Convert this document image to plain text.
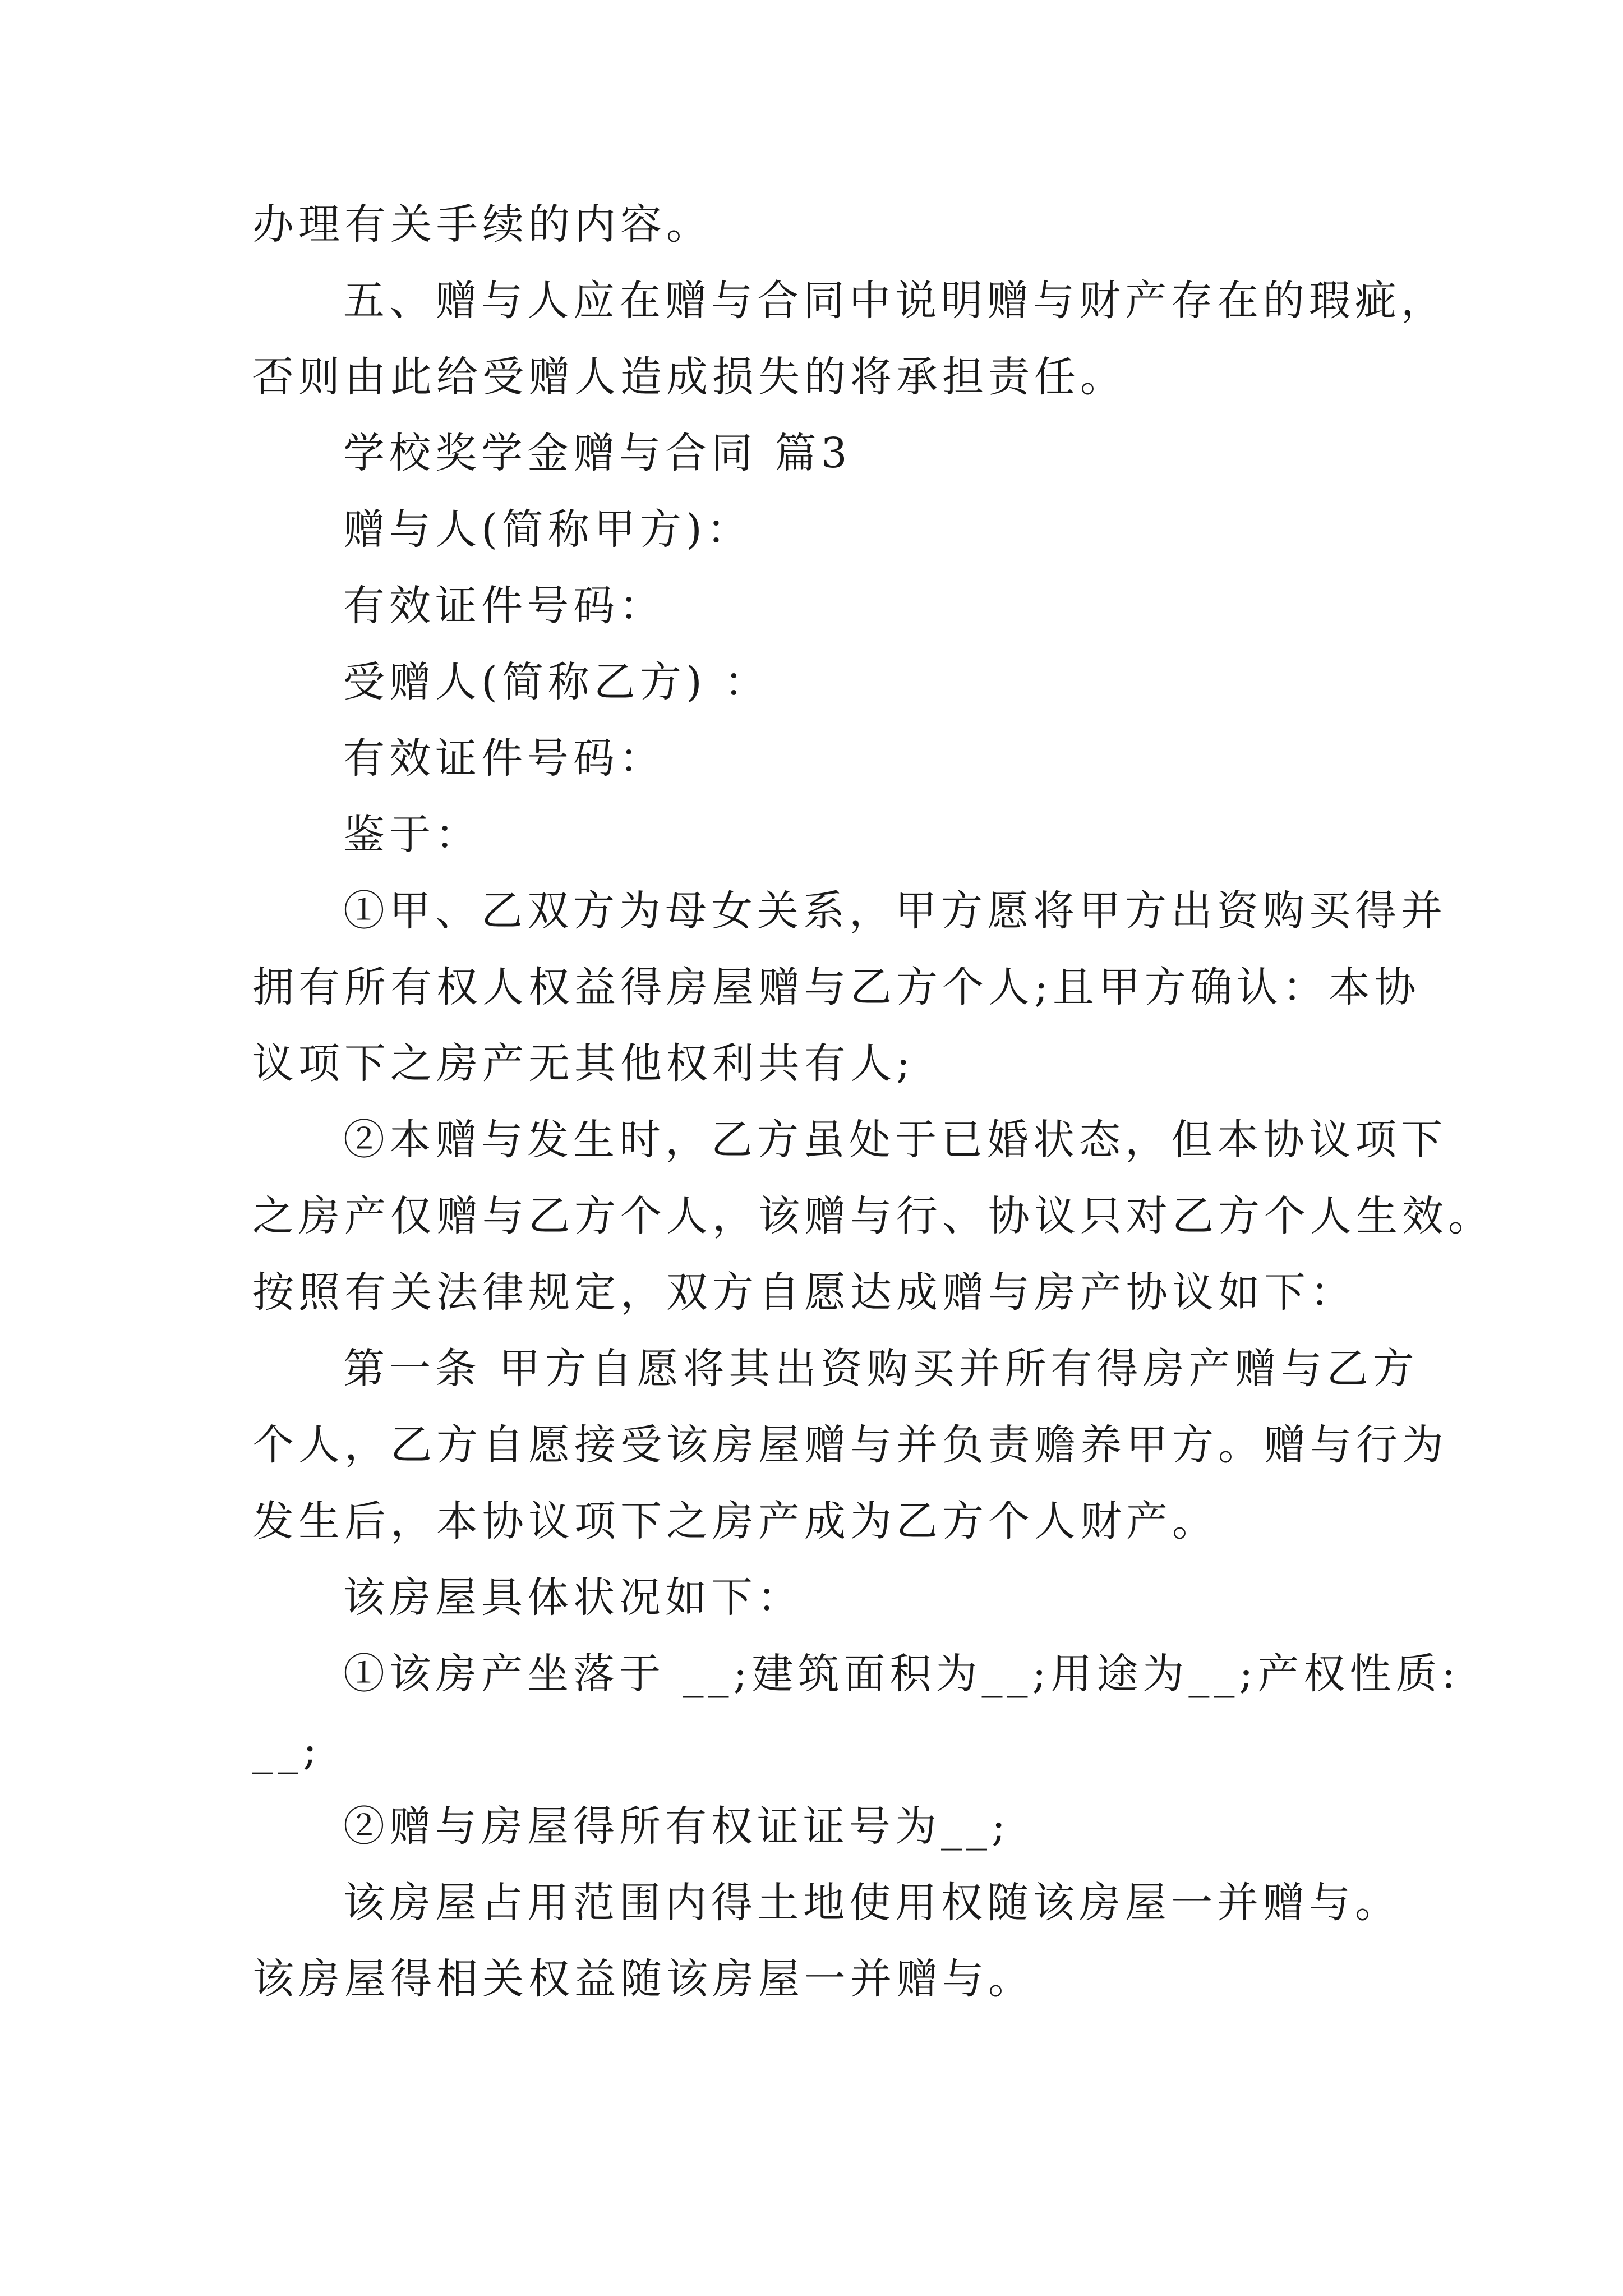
办理有关手续的内容。
五、赠与人应在赠与合同中说明赠与财产存在的瑕疵，
否则由此给受赠人造成损失的将承担责任。
学校奖学金赠与合同 篇3
赠与人(简称甲方)：
有效证件号码：
受赠人(简称乙方) ：
有效证件号码：
鉴于：
①甲、乙双方为母女关系，甲方愿将甲方出资购买得并
拥有所有权人权益得房屋赠与乙方个人;且甲方确认：本协
议项下之房产无其他权利共有人;
②本赠与发生时，乙方虽处于已婚状态，但本协议项下
之房产仅赠与乙方个人，该赠与行、协议只对乙方个人生效。
按照有关法律规定，双方自愿达成赠与房产协议如下：
第一条 甲方自愿将其出资购买并所有得房产赠与乙方
个人，乙方自愿接受该房屋赠与并负责赡养甲方。赠与行为
发生后，本协议项下之房产成为乙方个人财产。
该房屋具体状况如下：
①该房产坐落于 __;建筑面积为__;用途为__;产权性质:
__;
②赠与房屋得所有权证证号为__;
该房屋占用范围内得土地使用权随该房屋一并赠与。
该房屋得相关权益随该房屋一并赠与。
